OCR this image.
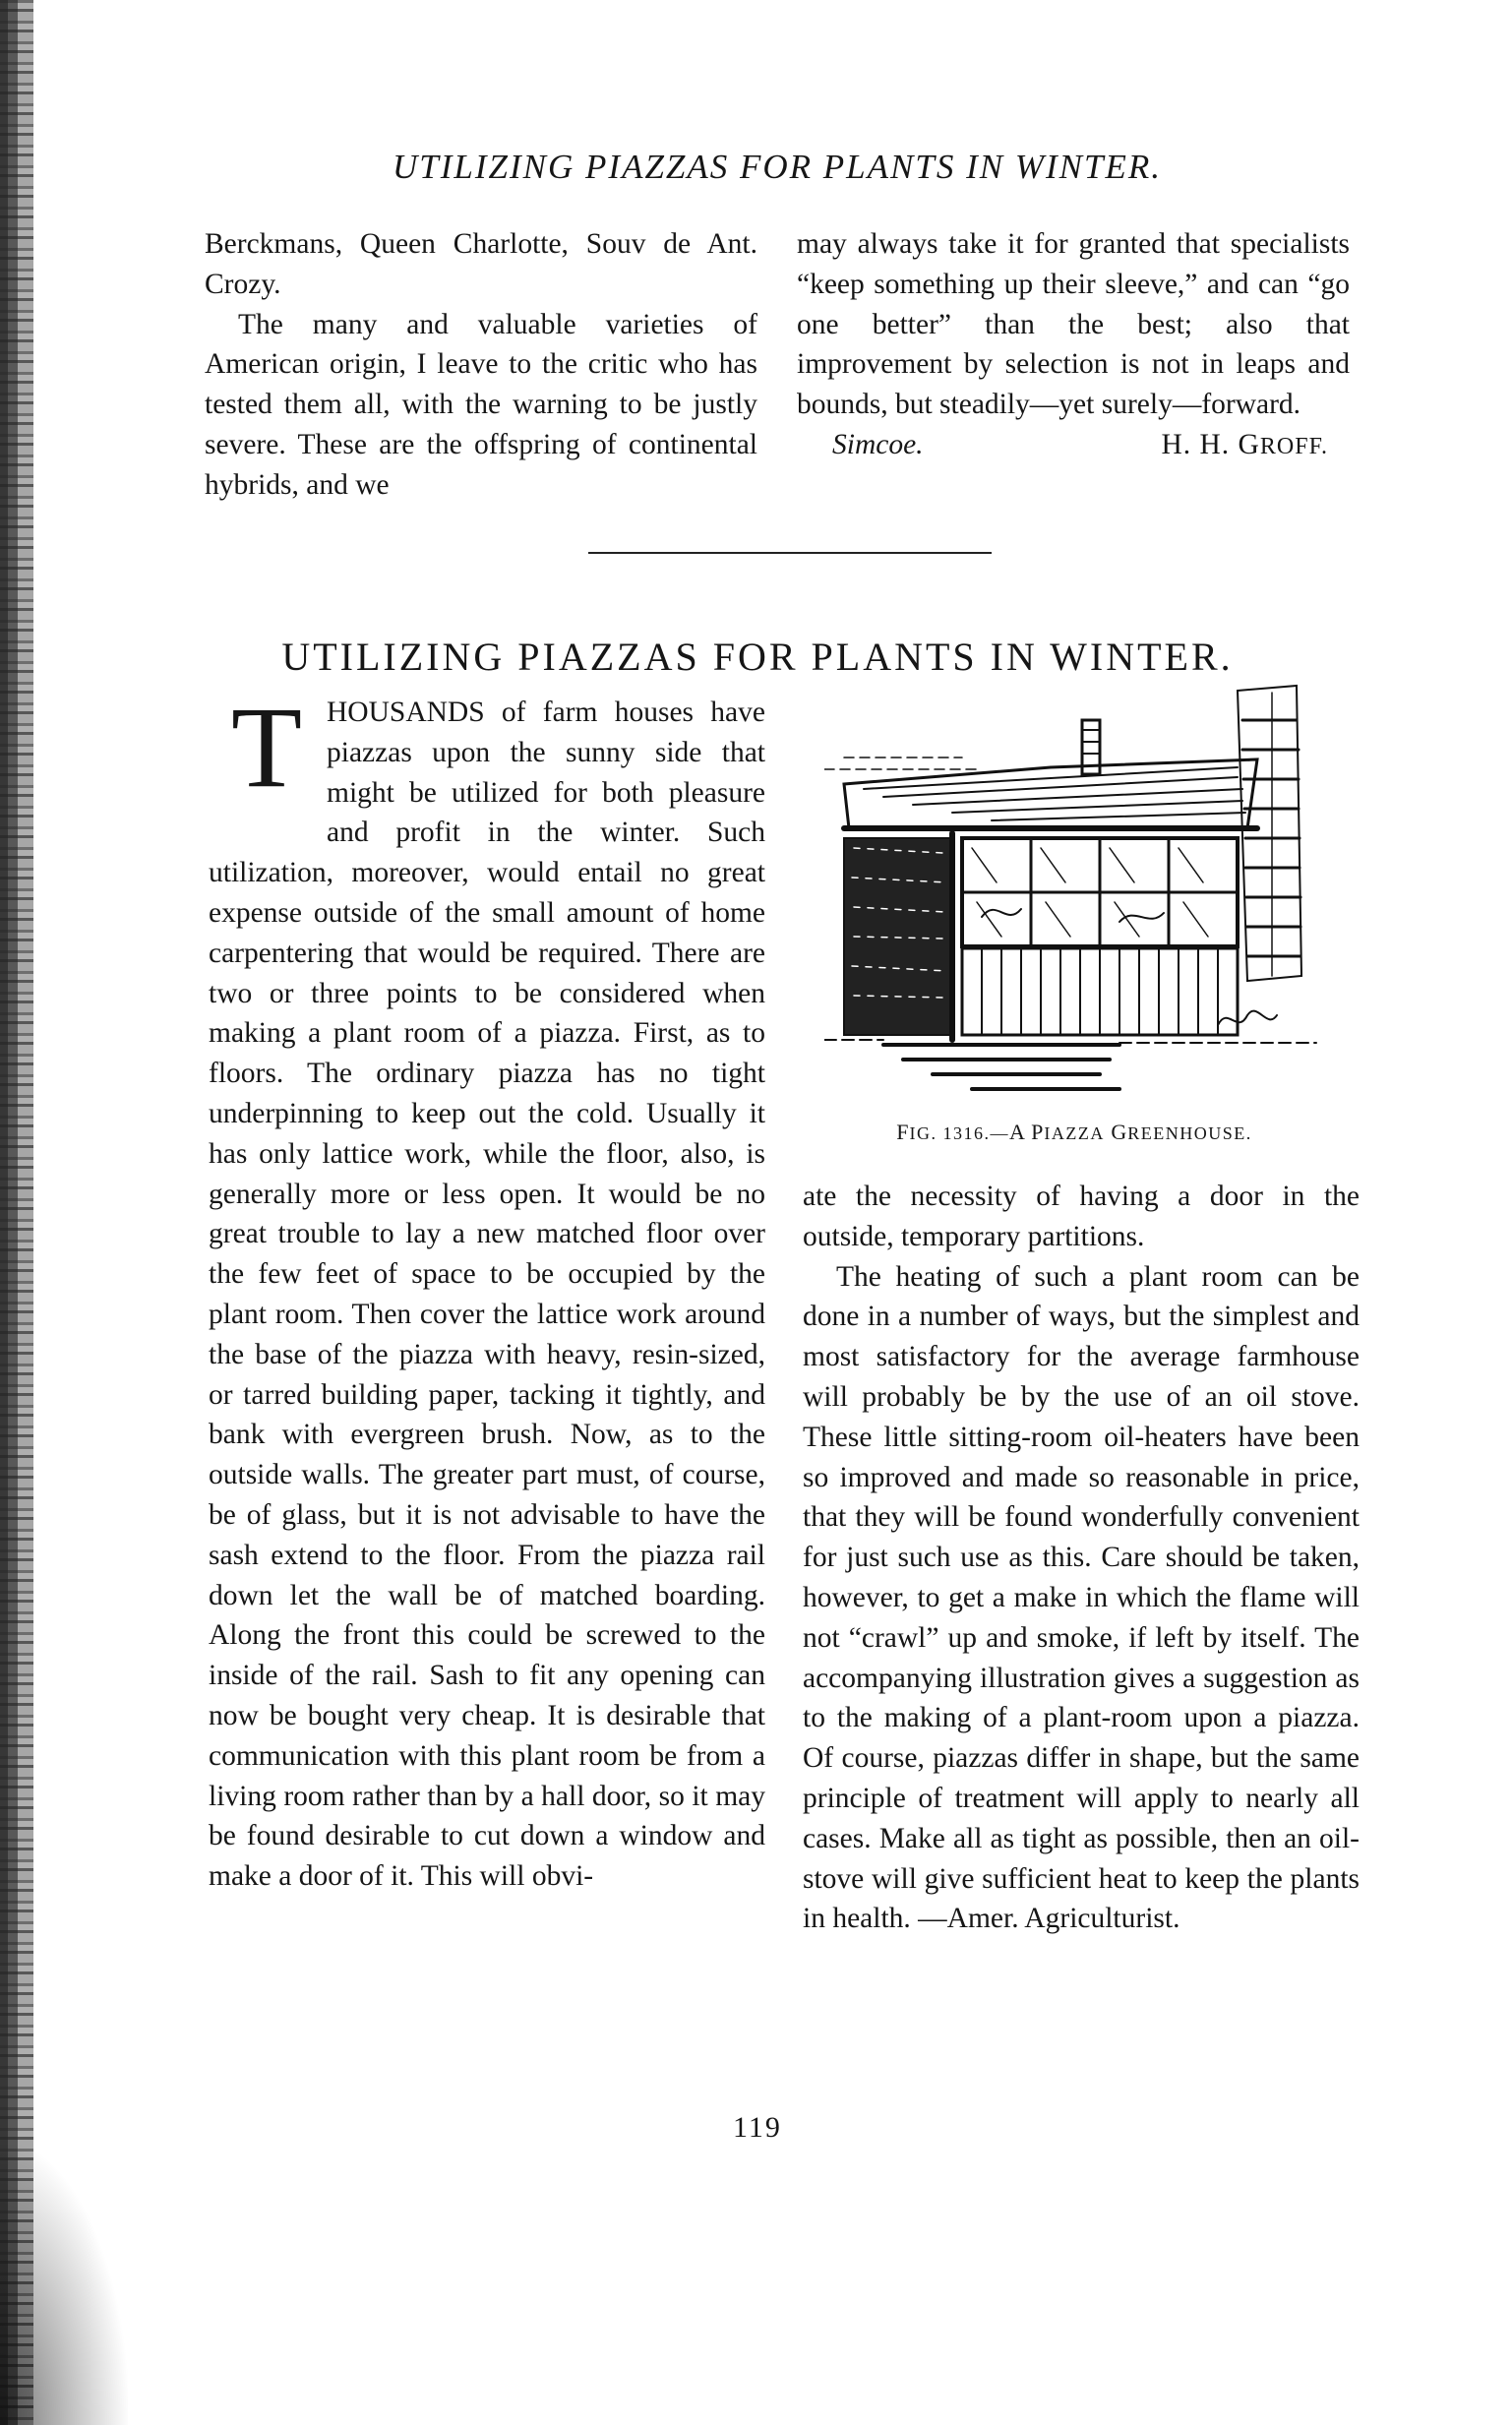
UTILIZING PIAZZAS FOR PLANTS IN WINTER.

Berckmans, Queen Charlotte, Souv de Ant. Crozy.

The many and valuable varieties of American origin, I leave to the critic who has tested them all, with the warning to be justly severe. These are the offspring of continental hybrids, and we

may always take it for granted that specialists “keep something up their sleeve,” and can “go one better” than the best; also that improvement by selection is not in leaps and bounds, but steadily—yet surely—forward.

Simcoe.	H. H. GROFF.
UTILIZING PIAZZAS FOR PLANTS IN WINTER.
T HOUSANDS of farm houses have piazzas upon the sunny side that might be utilized for both pleasure and profit in the winter. Such utilization, moreover, would entail no great expense outside of the small amount of home carpentering that would be required. There are two or three points to be considered when making a plant room of a piazza. First, as to floors. The ordinary piazza has no tight underpinning to keep out the cold. Usually it has only lattice work, while the floor, also, is generally more or less open. It would be no great trouble to lay a new matched floor over the few feet of space to be occupied by the plant room. Then cover the lattice work around the base of the piazza with heavy, resin-sized, or tarred building paper, tacking it tightly, and bank with evergreen brush. Now, as to the outside walls. The greater part must, of course, be of glass, but it is not advisable to have the sash extend to the floor. From the piazza rail down let the wall be of matched boarding. Along the front this could be screwed to the inside of the rail. Sash to fit any opening can now be bought very cheap. It is desirable that communication with this plant room be from a living room rather than by a hall door, so it may be found desirable to cut down a window and make a door of it. This will obvi-

FIG. 1316.—A PIAZZA GREENHOUSE.

ate the necessity of having a door in the outside, temporary partitions.

The heating of such a plant room can be done in a number of ways, but the simplest and most satisfactory for the average farmhouse will probably be by the use of an oil stove. These little sitting-room oil-heaters have been so improved and made so reasonable in price, that they will be found wonderfully convenient for just such use as this. Care should be taken, however, to get a make in which the flame will not “crawl” up and smoke, if left by itself. The accompanying illustration gives a suggestion as to the making of a plant-room upon a piazza. Of course, piazzas differ in shape, but the same principle of treatment will apply to nearly all cases. Make all as tight as possible, then an oil-stove will give sufficient heat to keep the plants in health. —Amer. Agriculturist.

119
